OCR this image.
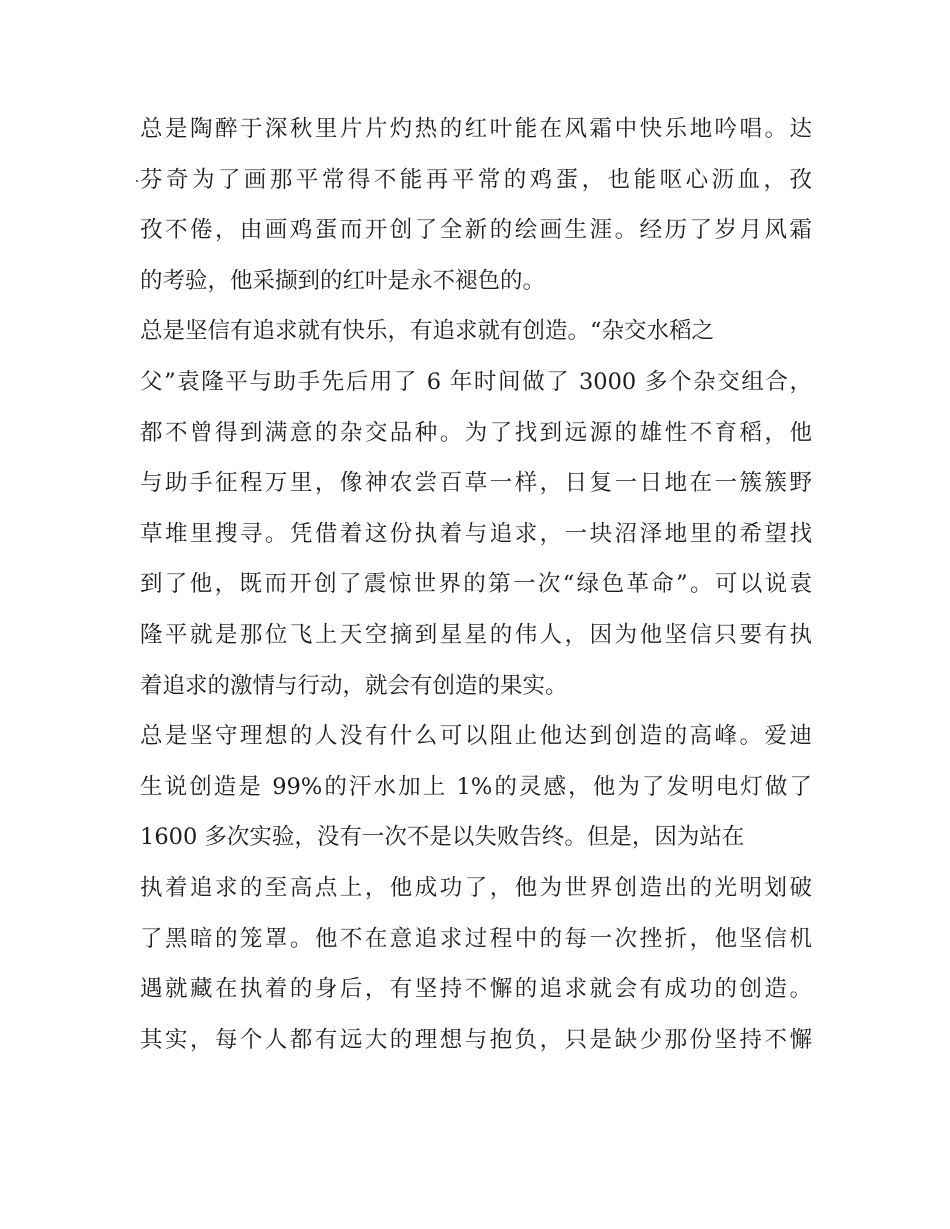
总是陶醉于深秋里片片灼热的红叶能在风霜中快乐地吟唱。达
芬奇为了画那平常得不能再平常的鸡蛋，也能呕心沥血，孜
孜不倦，由画鸡蛋而开创了全新的绘画生涯。经历了岁月风霜
的考验，他采撷到的红叶是永不褪色的。
总是坚信有追求就有快乐，有追求就有创造。“杂交水稻之
父”袁隆平与助手先后用了 6 年时间做了 3000 多个杂交组合，
都不曾得到满意的杂交品种。为了找到远源的雄性不育稻，他
与助手征程万里，像神农尝百草一样，日复一日地在一簇簇野
草堆里搜寻。凭借着这份执着与追求，一块沼泽地里的希望找
到了他，既而开创了震惊世界的第一次“绿色革命”。可以说袁
隆平就是那位飞上天空摘到星星的伟人，因为他坚信只要有执
着追求的激情与行动，就会有创造的果实。
总是坚守理想的人没有什么可以阻止他达到创造的高峰。爱迪
生说创造是 99%的汗水加上 1%的灵感，他为了发明电灯做了
1600 多次实验，没有一次不是以失败告终。但是，因为站在
执着追求的至高点上，他成功了，他为世界创造出的光明划破
了黑暗的笼罩。他不在意追求过程中的每一次挫折，他坚信机
遇就藏在执着的身后，有坚持不懈的追求就会有成功的创造。
其实，每个人都有远大的理想与抱负，只是缺少那份坚持不懈
